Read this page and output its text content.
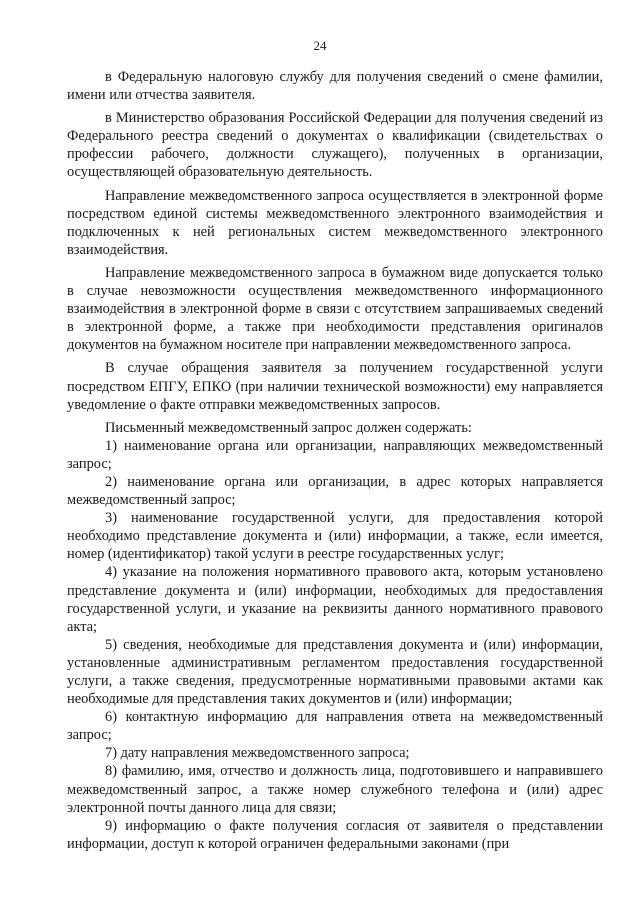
24

в Федеральную налоговую службу для получения сведений о смене фамилии, имени или отчества заявителя.

в Министерство образования Российской Федерации для получения сведений из Федерального реестра сведений о документах о квалификации (свидетельствах о профессии рабочего, должности служащего), полученных в организации, осуществляющей образовательную деятельность.

Направление межведомственного запроса осуществляется в электронной форме посредством единой системы межведомственного электронного взаимодействия и подключенных к ней региональных систем межведомственного электронного взаимодействия.

Направление межведомственного запроса в бумажном виде допускается только в случае невозможности осуществления межведомственного информационного взаимодействия в электронной форме в связи с отсутствием запрашиваемых сведений в электронной форме, а также при необходимости представления оригиналов документов на бумажном носителе при направлении межведомственного запроса.

В случае обращения заявителя за получением государственной услуги посредством ЕПГУ, ЕПКО (при наличии технической возможности) ему направляется уведомление о факте отправки межведомственных запросов.

Письменный межведомственный запрос должен содержать:

1) наименование органа или организации, направляющих межведомственный запрос;

2) наименование органа или организации, в адрес которых направляется межведомственный запрос;

3) наименование государственной услуги, для предоставления которой необходимо представление документа и (или) информации, а также, если имеется, номер (идентификатор) такой услуги в реестре государственных услуг;

4) указание на положения нормативного правового акта, которым установлено представление документа и (или) информации, необходимых для предоставления государственной услуги, и указание на реквизиты данного нормативного правового акта;

5) сведения, необходимые для представления документа и (или) информации, установленные административным регламентом предоставления государственной услуги, а также сведения, предусмотренные нормативными правовыми актами как необходимые для представления таких документов и (или) информации;

6) контактную информацию для направления ответа на межведомственный запрос;

7) дату направления межведомственного запроса;

8) фамилию, имя, отчество и должность лица, подготовившего и направившего межведомственный запрос, а также номер служебного телефона и (или) адрес электронной почты данного лица для связи;

9) информацию о факте получения согласия от заявителя о представлении информации, доступ к которой ограничен федеральными законами (при
